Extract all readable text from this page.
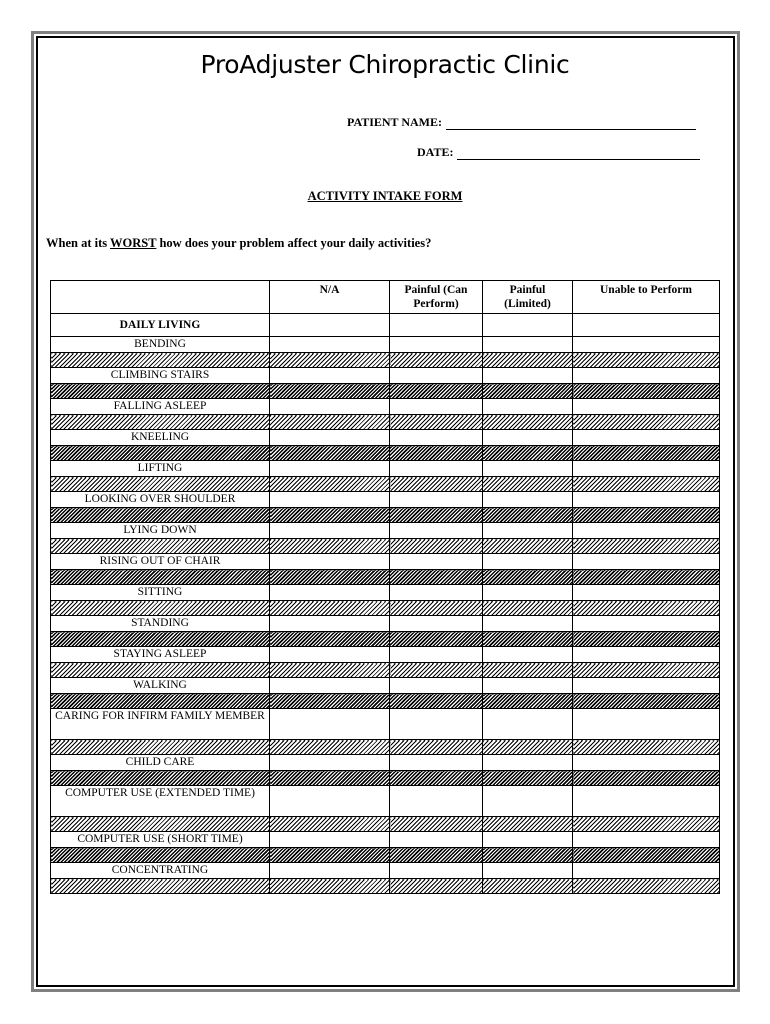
ProAdjuster Chiropractic Clinic
PATIENT NAME:
DATE:
ACTIVITY INTAKE FORM
When at its WORST how does your problem affect your daily activities?
	N/A	Painful (Can Perform)	Painful (Limited)	Unable to Perform
DAILY LIVING				
BENDING				

CLIMBING STAIRS				

FALLING ASLEEP				

KNEELING				

LIFTING				

LOOKING OVER SHOULDER				

LYING DOWN				

RISING OUT OF CHAIR				

SITTING				

STANDING				

STAYING ASLEEP				

WALKING				

CARING FOR INFIRM FAMILY MEMBER				

CHILD CARE				

COMPUTER USE (EXTENDED TIME)				

COMPUTER USE (SHORT TIME)				

CONCENTRATING				
